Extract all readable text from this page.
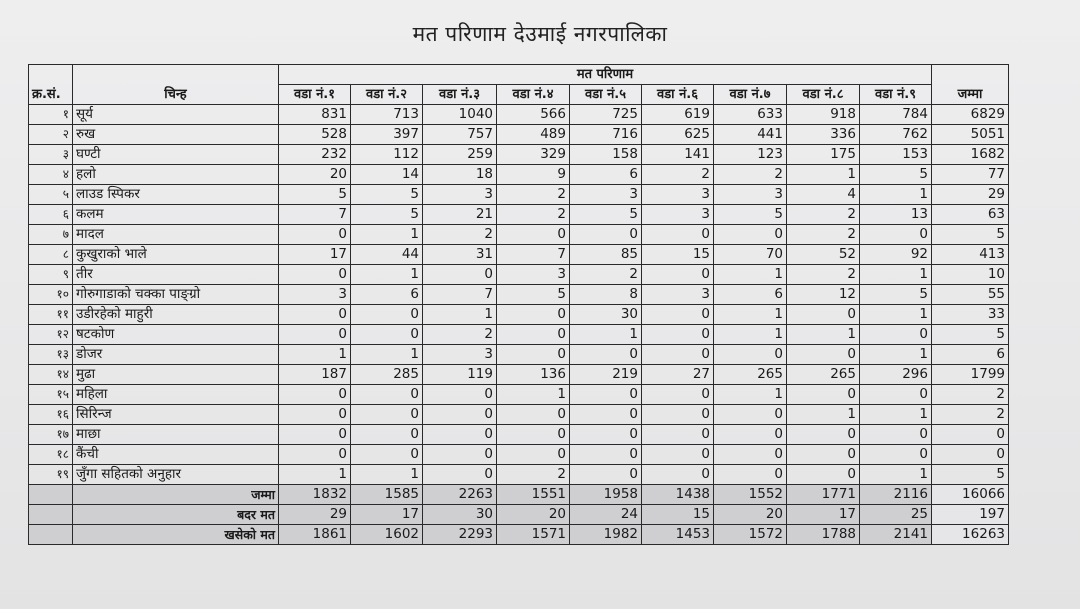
मत परिणाम देउमाई नगरपालिका
क्र.सं.	चिन्ह	मत परिणाम									जम्मा
		वडा नं.१	वडा नं.२	वडा नं.३	वडा नं.४	वडा नं.५	वडा नं.६	वडा नं.७	वडा नं.८	वडा नं.९	
१	सूर्य	831	713	1040	566	725	619	633	918	784	6829
२	रुख	528	397	757	489	716	625	441	336	762	5051
३	घण्टी	232	112	259	329	158	141	123	175	153	1682
४	हलो	20	14	18	9	6	2	2	1	5	77
५	लाउड स्पिकर	5	5	3	2	3	3	3	4	1	29
६	कलम	7	5	21	2	5	3	5	2	13	63
७	मादल	0	1	2	0	0	0	0	2	0	5
८	कुखुराको भाले	17	44	31	7	85	15	70	52	92	413
९	तीर	0	1	0	3	2	0	1	2	1	10
१०	गोरुगाडाको चक्का पाङ्ग्रो	3	6	7	5	8	3	6	12	5	55
११	उडीरहेको माहुरी	0	0	1	0	30	0	1	0	1	33
१२	षटकोण	0	0	2	0	1	0	1	1	0	5
१३	डोजर	1	1	3	0	0	0	0	0	1	6
१४	मुढा	187	285	119	136	219	27	265	265	296	1799
१५	महिला	0	0	0	1	0	0	1	0	0	2
१६	सिरिन्ज	0	0	0	0	0	0	0	1	1	2
१७	माछा	0	0	0	0	0	0	0	0	0	0
१८	कैंची	0	0	0	0	0	0	0	0	0	0
१९	जुँगा सहितको अनुहार	1	1	0	2	0	0	0	0	1	5
	जम्मा	1832	1585	2263	1551	1958	1438	1552	1771	2116	16066
	बदर मत	29	17	30	20	24	15	20	17	25	197
	खसेको मत	1861	1602	2293	1571	1982	1453	1572	1788	2141	16263
